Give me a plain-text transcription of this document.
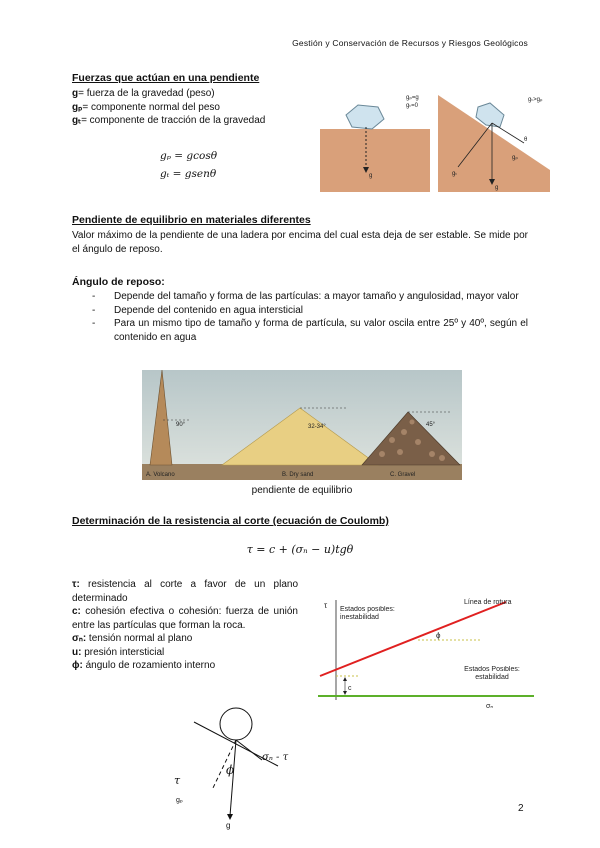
Gestión y Conservación de Recursos y Riesgos Geológicos
Fuerzas que actúan en una pendiente
g= fuerza de la gravedad (peso)
gₚ= componente normal del peso
gₜ= componente de tracción de la gravedad
gₚ = gcosθ
gₜ = gsenθ
gₚ=g
gₜ=0
g
gₜ>gₚ
θ
gₜ
g
gₚ
Pendiente de equilibrio en materiales diferentes
Valor máximo de la pendiente de una ladera por encima del cual esta deja de ser estable. Se mide por el ángulo de reposo.
Ángulo de reposo:
- Depende del tamaño y forma de las partículas: a mayor tamaño y angulosidad, mayor valor
- Depende del contenido en agua intersticial
- Para un mismo tipo de tamaño y forma de partícula, su valor oscila entre 25º y 40º, según el contenido en agua
90°	32-34°	45°
A. Volcano	B. Dry sand	C. Gravel
pendiente de equilibrio
Determinación de la resistencia al corte (ecuación de Coulomb)
τ = c + (σₙ − u)tgθ
τ: resistencia al corte a favor de un plano determinado
c: cohesión efectiva o cohesión: fuerza de unión entre las partículas que forman la roca.
σₙ: tensión normal al plano
u: presión intersticial
ϕ: ángulo de rozamiento interno
τ
σₙ
c
ϕ
Línea de rotura
Estados posibles: inestabilidad
Estados Posibles: estabilidad
σₙ - τ
ϕ
gₚ
g
τ
2
